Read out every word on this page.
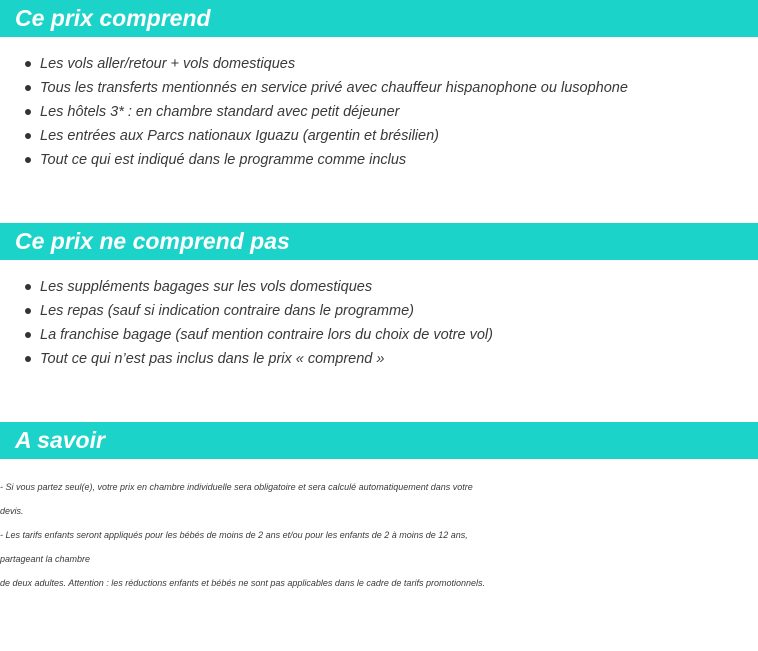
Ce prix comprend
Les vols aller/retour + vols domestiques
Tous les transferts mentionnés en service privé avec chauffeur hispanophone ou lusophone
Les hôtels 3* : en chambre standard avec petit déjeuner
Les entrées aux Parcs nationaux Iguazu (argentin et brésilien)
Tout ce qui est indiqué dans le programme comme inclus
Ce prix ne comprend pas
Les suppléments bagages sur les vols domestiques
Les repas (sauf si indication contraire dans le programme)
La franchise bagage (sauf mention contraire lors du choix de votre vol)
Tout ce qui n’est pas inclus dans le prix « comprend »
A savoir

- Si vous partez seul(e), votre prix en chambre individuelle sera obligatoire et sera calculé automatiquement dans votre

devis.

- Les tarifs enfants seront appliqués pour les bébés de moins de 2 ans et/ou pour les enfants de 2 à moins de 12 ans,

partageant la chambre

de deux adultes. Attention : les réductions enfants et bébés ne sont pas applicables dans le cadre de tarifs promotionnels.
